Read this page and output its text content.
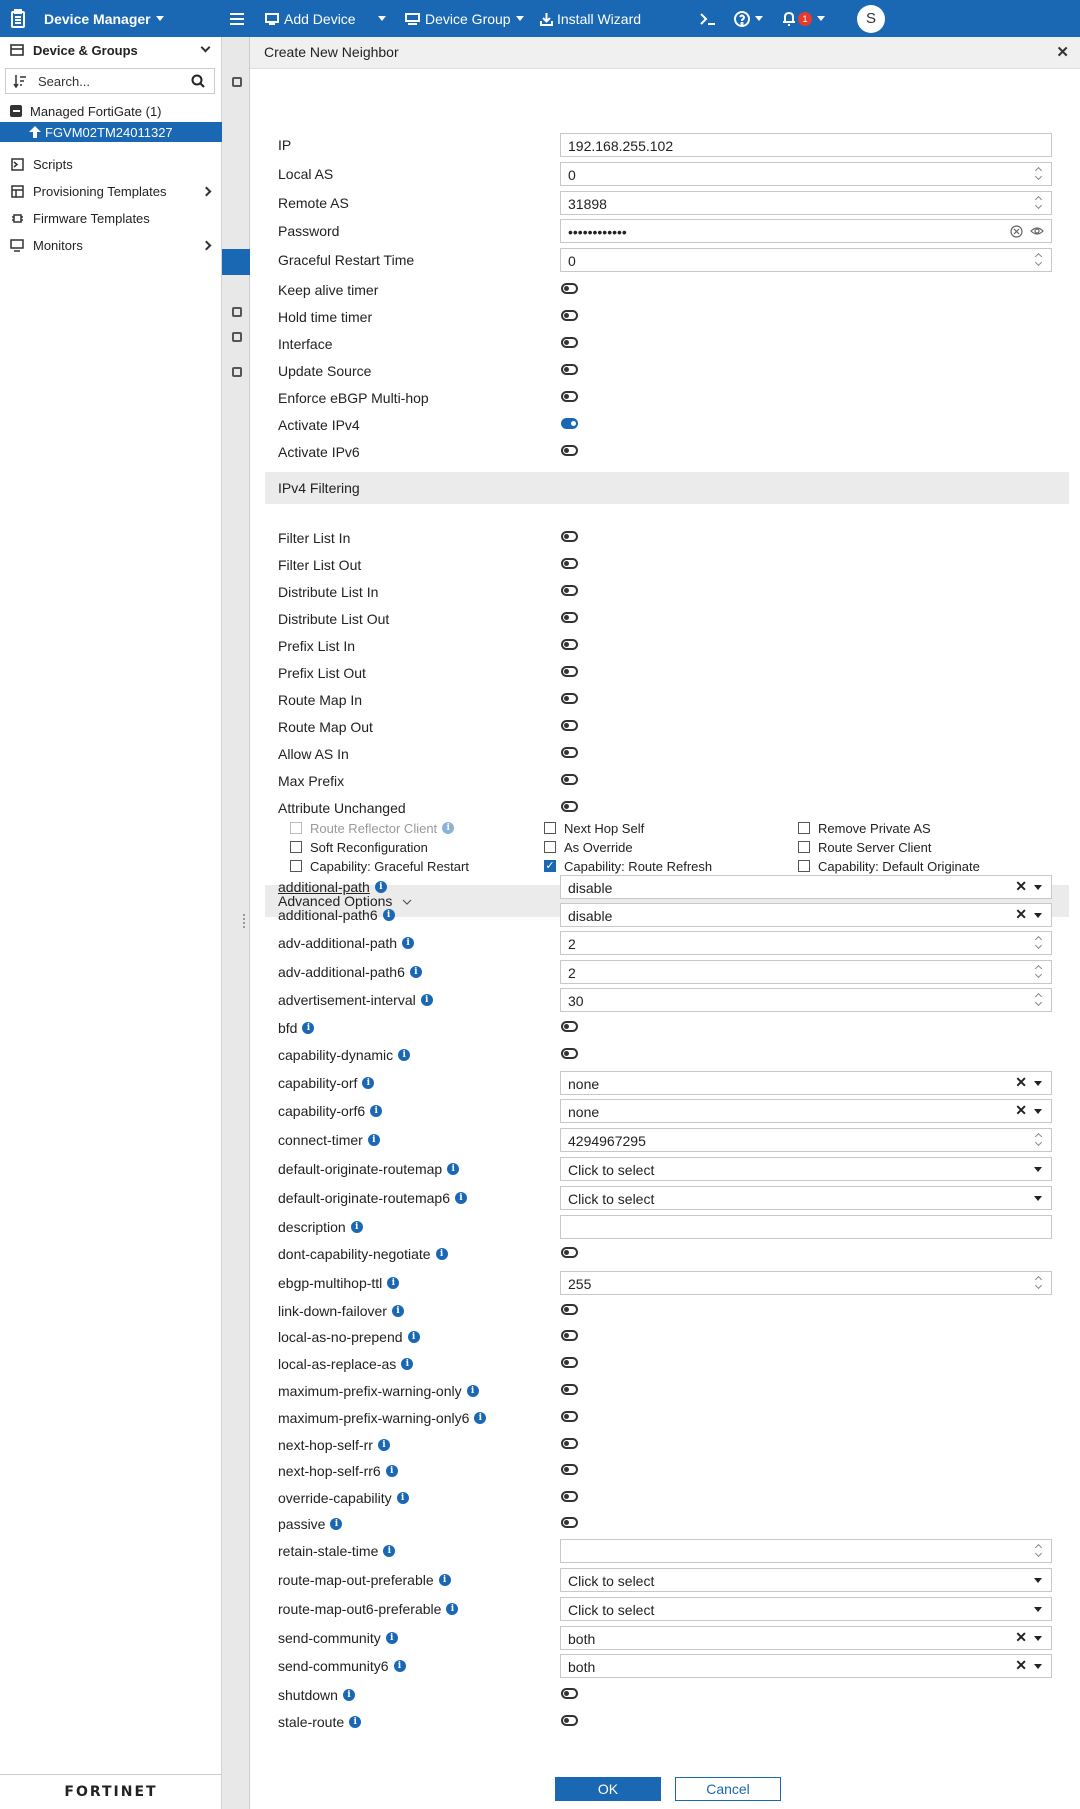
Device Manager	Add Device	Device Group	Install Wizard	1	S
Device & Groups
Search...
Managed FortiGate (1)
FGVM02TM24011327
Scripts
Provisioning Templates
Firmware Templates
Monitors
FORTINET
Create New Neighbor	✕
IP	192.168.255.102
Local AS	0
Remote AS	31898
Password	••••••••••••
Graceful Restart Time	0
Keep alive timer
Hold time timer
Interface
Update Source
Enforce eBGP Multi-hop
Activate IPv4
Activate IPv6
IPv4 Filtering
Filter List In
Filter List Out
Distribute List In
Distribute List Out
Prefix List In
Prefix List Out
Route Map In
Route Map Out
Allow AS In
Max Prefix
Attribute Unchanged
Route Reflector Client	i	Next Hop Self	Remove Private AS
Soft Reconfiguration	As Override	Route Server Client
Capability: Graceful Restart	✓ Capability: Route Refresh	Capability: Default Originate
Advanced Options
additional-path	i	disable	✕
additional-path6	i	disable	✕
adv-additional-path	i	2
adv-additional-path6	i	2
advertisement-interval	i	30
bfd	i
capability-dynamic	i
capability-orf	i	none	✕
capability-orf6	i	none	✕
connect-timer	i	4294967295
default-originate-routemap	i	Click to select
default-originate-routemap6	i	Click to select
description	i
dont-capability-negotiate	i
ebgp-multihop-ttl	i	255
link-down-failover	i
local-as-no-prepend	i
local-as-replace-as	i
maximum-prefix-warning-only	i
maximum-prefix-warning-only6	i
next-hop-self-rr	i
next-hop-self-rr6	i
override-capability	i
passive	i
retain-stale-time	i
route-map-out-preferable	i	Click to select
route-map-out6-preferable	i	Click to select
send-community	i	both	✕
send-community6	i	both	✕
shutdown	i
stale-route	i
OK	Cancel
